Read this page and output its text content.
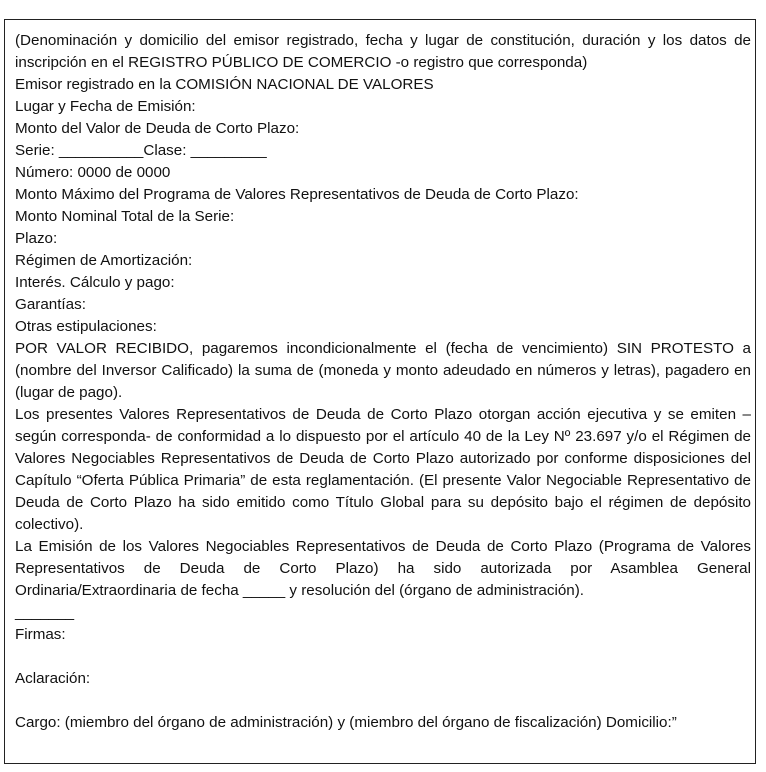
(Denominación y domicilio del emisor registrado, fecha y lugar de constitución, duración y los datos de inscripción en el REGISTRO PÚBLICO DE COMERCIO -o registro que corresponda)

Emisor registrado en la COMISIÓN NACIONAL DE VALORES

Lugar y Fecha de Emisión:

Monto del Valor de Deuda de Corto Plazo:

Serie: __________Clase: _________

Número: 0000 de 0000

Monto Máximo del Programa de Valores Representativos de Deuda de Corto Plazo:

Monto Nominal Total de la Serie:

Plazo:

Régimen de Amortización:

Interés. Cálculo y pago:

Garantías:

Otras estipulaciones:

POR VALOR RECIBIDO, pagaremos incondicionalmente el (fecha de vencimiento) SIN PROTESTO a (nombre del Inversor Calificado) la suma de (moneda y monto adeudado en números y letras), pagadero en (lugar de pago).

Los presentes Valores Representativos de Deuda de Corto Plazo otorgan acción ejecutiva y se emiten –según corresponda- de conformidad a lo dispuesto por el artículo 40 de la Ley Nº 23.697 y/o el Régimen de Valores Negociables Representativos de Deuda de Corto Plazo autorizado por conforme disposiciones del Capítulo “Oferta Pública Primaria” de esta reglamentación. (El presente Valor Negociable Representativo de Deuda de Corto Plazo ha sido emitido como Título Global para su depósito bajo el régimen de depósito colectivo).

La Emisión de los Valores Negociables Representativos de Deuda de Corto Plazo (Programa de Valores Representativos de Deuda de Corto Plazo) ha sido autorizada por Asamblea General Ordinaria/Extraordinaria de fecha _____ y resolución del (órgano de administración).

_______

Firmas:

Aclaración:

Cargo: (miembro del órgano de administración) y (miembro del órgano de fiscalización) Domicilio:”
